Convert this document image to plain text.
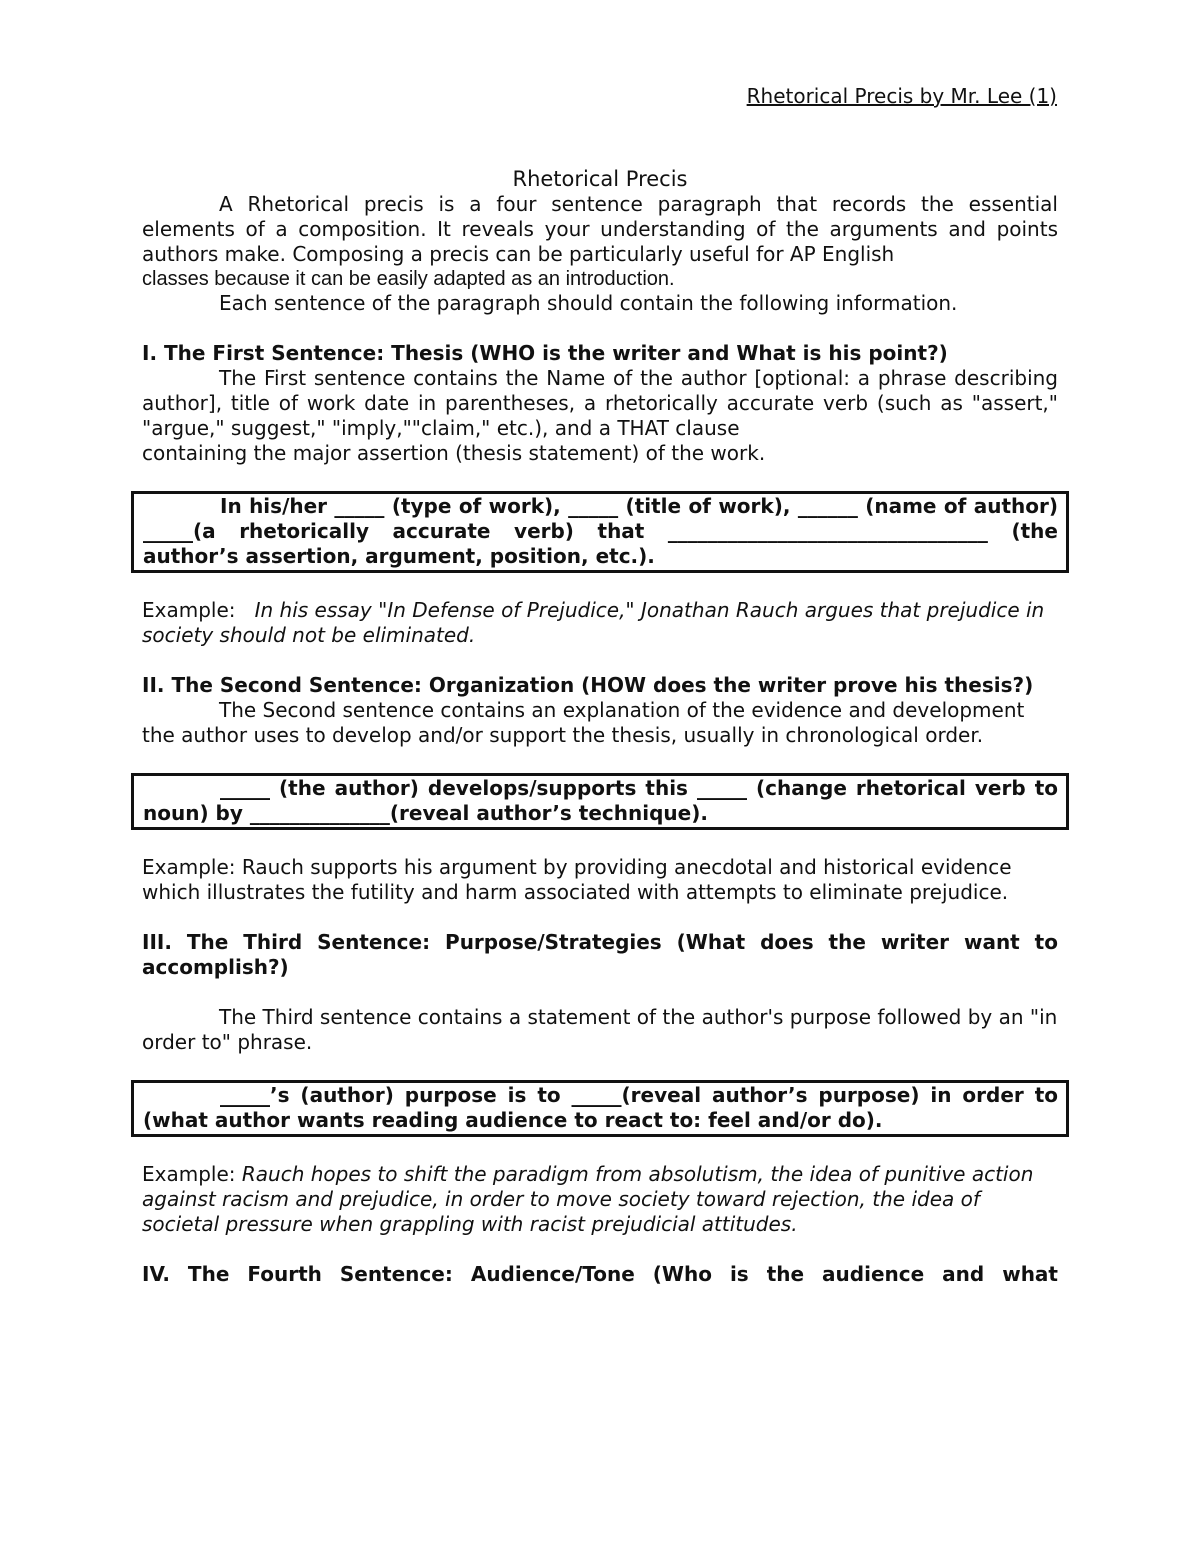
Rhetorical Precis by Mr. Lee (1)
Rhetorical Precis

A Rhetorical precis is a four sentence paragraph that records the essential elements of a composition. It reveals your understanding of the arguments and points authors make. Composing a precis can be particularly useful for AP English

classes because it can be easily adapted as an introduction.

Each sentence of the paragraph should contain the following information.

I. The First Sentence: Thesis (WHO is the writer and What is his point?)

The First sentence contains the Name of the author [optional: a phrase describing author], title of work date in parentheses, a rhetorically accurate verb (such as "assert," "argue," suggest," "imply,""claim," etc.), and a THAT clause

containing the major assertion (thesis statement) of the work.

In his/her _____ (type of work), _____ (title of work), ______ (name of author) _____(a rhetorically accurate verb) that ________________________________ (the author’s assertion, argument, position, etc.).

Example: In his essay "In Defense of Prejudice," Jonathan Rauch argues that prejudice in society should not be eliminated.

II. The Second Sentence: Organization (HOW does the writer prove his thesis?)

The Second sentence contains an explanation of the evidence and development the author uses to develop and/or support the thesis, usually in chronological order.

_____ (the author) develops/supports this _____ (change rhetorical verb to noun) by ______________(reveal author’s technique).

Example: Rauch supports his argument by providing anecdotal and historical evidence which illustrates the futility and harm associated with attempts to eliminate prejudice.

III. The Third Sentence: Purpose/Strategies (What does the writer want to accomplish?)

The Third sentence contains a statement of the author's purpose followed by an "in order to" phrase.

_____’s (author) purpose is to _____(reveal author’s purpose) in order to (what author wants reading audience to react to: feel and/or do).

Example: Rauch hopes to shift the paradigm from absolutism, the idea of punitive action against racism and prejudice, in order to move society toward rejection, the idea of societal pressure when grappling with racist prejudicial attitudes.

IV. The Fourth Sentence: Audience/Tone (Who is the audience and what
